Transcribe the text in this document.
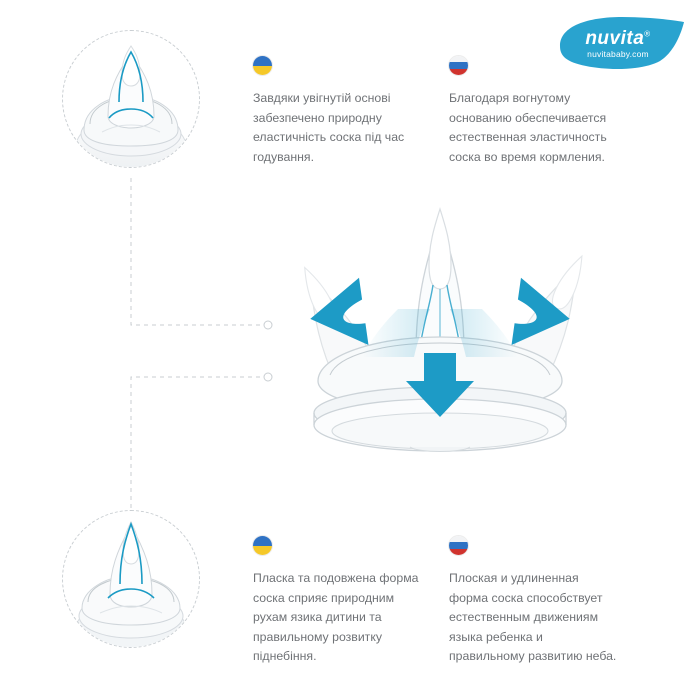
nuvita®
nuvitababy.com

Завдяки увігнутій основі забезпечено природну еластичність соска під час годування.

Благодаря вогнутому основанию обеспечивается естественная эластичность соска во время кормления.

Пласка та подовжена форма соска сприяє природним рухам язика дитини та правильному розвитку піднебіння.

Плоская и удлиненная форма соска способствует естественным движениям языка ребенка и правильному развитию неба.
